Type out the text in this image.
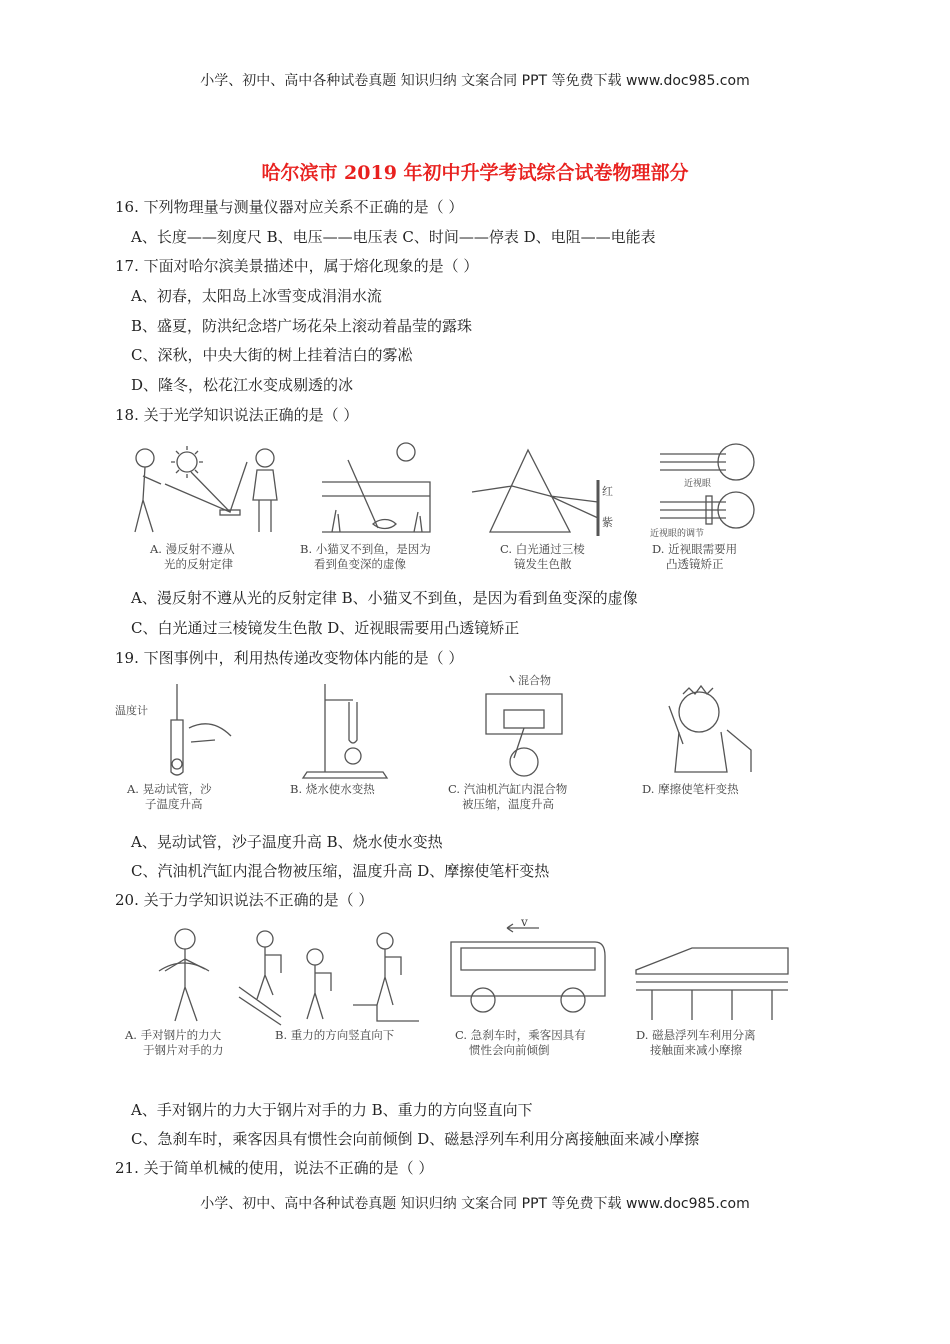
小学、初中、高中各种试卷真题 知识归纳 文案合同 PPT 等免费下载 www.doc985.com
哈尔滨市 2019 年初中升学考试综合试卷物理部分
16. 下列物理量与测量仪器对应关系不正确的是（ ）
A、长度——刻度尺 B、电压——电压表 C、时间——停表 D、电阻——电能表
17. 下面对哈尔滨美景描述中，属于熔化现象的是（ ）
A、初春，太阳岛上冰雪变成涓涓水流
B、盛夏，防洪纪念塔广场花朵上滚动着晶莹的露珠
C、深秋，中央大街的树上挂着洁白的雾凇
D、隆冬，松花江水变成剔透的冰
18. 关于光学知识说法正确的是（ ）
红
紫
近视眼
近视眼的调节
A. 漫反射不遵从
光的反射定律
B. 小猫叉不到鱼，是因为
看到鱼变深的虚像
C. 白光通过三棱
镜发生色散
D. 近视眼需要用
凸透镜矫正
A、漫反射不遵从光的反射定律 B、小猫叉不到鱼，是因为看到鱼变深的虚像
C、白光通过三棱镜发生色散 D、近视眼需要用凸透镜矫正
19. 下图事例中，利用热传递改变物体内能的是（ ）
温度计
混合物
A. 晃动试管，沙
子温度升高
B. 烧水使水变热	C. 汽油机汽缸内混合物
被压缩，温度升高
D. 摩擦使笔杆变热
A、晃动试管，沙子温度升高 B、烧水使水变热
C、汽油机汽缸内混合物被压缩，温度升高 D、摩擦使笔杆变热
20. 关于力学知识说法不正确的是（ ）
v
A. 手对钢片的力大
于钢片对手的力
B. 重力的方向竖直向下	C. 急刹车时，乘客因具有
惯性会向前倾倒
D. 磁悬浮列车利用分离
接触面来减小摩擦
A、手对钢片的力大于钢片对手的力 B、重力的方向竖直向下
C、急刹车时，乘客因具有惯性会向前倾倒 D、磁悬浮列车利用分离接触面来减小摩擦
21. 关于简单机械的使用，说法不正确的是（ ）
小学、初中、高中各种试卷真题 知识归纳 文案合同 PPT 等免费下载 www.doc985.com
